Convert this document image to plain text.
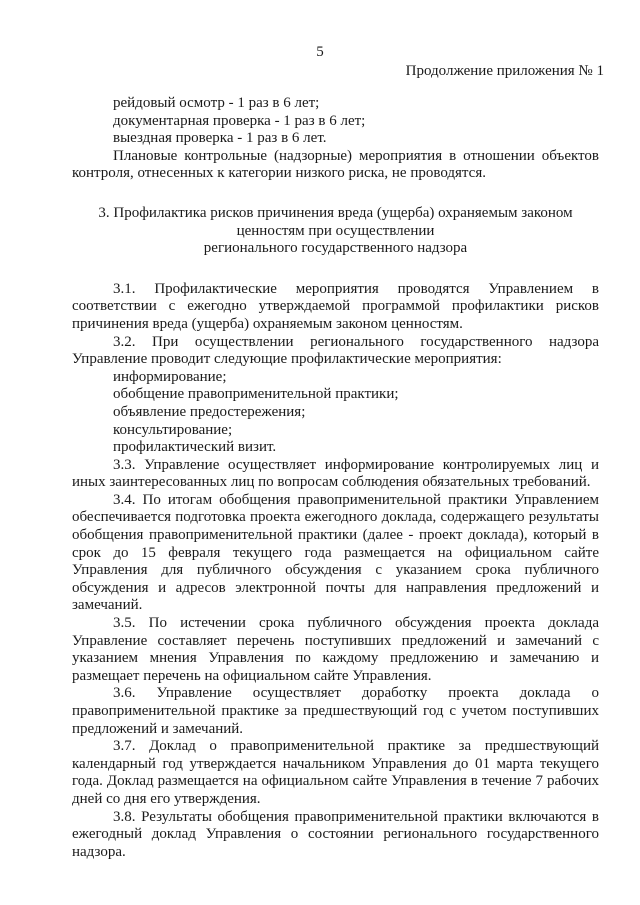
5
Продолжение приложения № 1

рейдовый осмотр - 1 раз в 6 лет;

документарная проверка - 1 раз в 6 лет;

выездная проверка - 1 раз в 6 лет.

Плановые контрольные (надзорные) мероприятия в отношении объектов контроля, отнесенных к категории низкого риска, не проводятся.

3. Профилактика рисков причинения вреда (ущерба) охраняемым законом
ценностям при осуществлении
регионального государственного надзора

3.1. Профилактические мероприятия проводятся Управлением в соответствии с ежегодно утверждаемой программой профилактики рисков причинения вреда (ущерба) охраняемым законом ценностям.

3.2. При осуществлении регионального государственного надзора Управление проводит следующие профилактические мероприятия:

информирование;

обобщение правоприменительной практики;

объявление предостережения;

консультирование;

профилактический визит.

3.3. Управление осуществляет информирование контролируемых лиц и иных заинтересованных лиц по вопросам соблюдения обязательных требований.

3.4. По итогам обобщения правоприменительной практики Управлением обеспечивается подготовка проекта ежегодного доклада, содержащего результаты обобщения правоприменительной практики (далее - проект доклада), который в срок до 15 февраля текущего года размещается на официальном сайте Управления для публичного обсуждения с указанием срока публичного обсуждения и адресов электронной почты для направления предложений и замечаний.

3.5. По истечении срока публичного обсуждения проекта доклада Управление составляет перечень поступивших предложений и замечаний с указанием мнения Управления по каждому предложению и замечанию и размещает перечень на официальном сайте Управления.

3.6. Управление осуществляет доработку проекта доклада о правоприменительной практике за предшествующий год с учетом поступивших предложений и замечаний.

3.7. Доклад о правоприменительной практике за предшествующий календарный год утверждается начальником Управления до 01 марта текущего года. Доклад размещается на официальном сайте Управления в течение 7 рабочих дней со дня его утверждения.

3.8. Результаты обобщения правоприменительной практики включаются в ежегодный доклад Управления о состоянии регионального государственного надзора.
